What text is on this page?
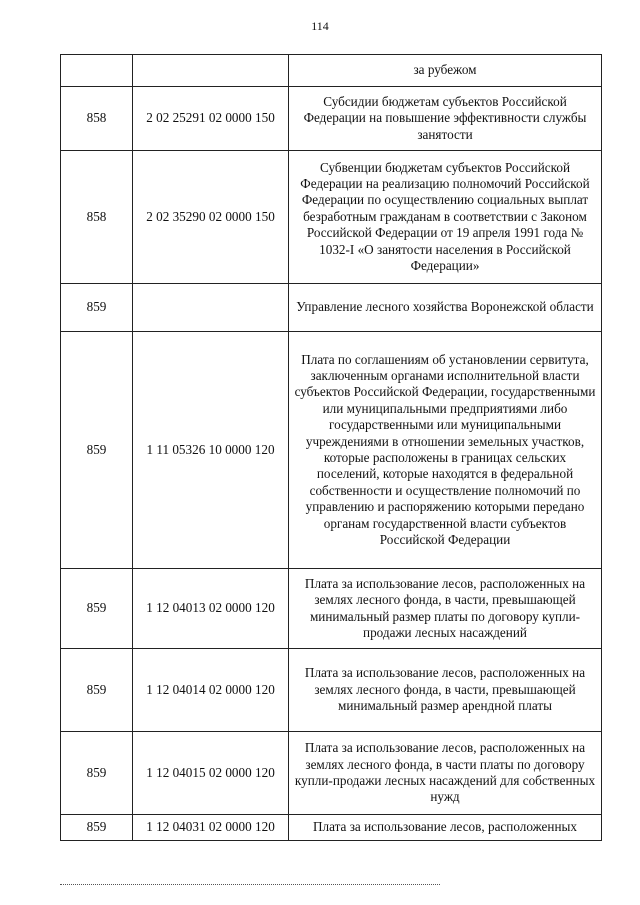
114
		за рубежом
858	2 02 25291 02 0000 150	Субсидии бюджетам субъектов Российской Федерации на повышение эффективности службы занятости
858	2 02 35290 02 0000 150	Субвенции бюджетам субъектов Российской Федерации на реализацию полномочий Российской Федерации по осуществлению социальных выплат безработным гражданам в соответствии с Законом Российской Федерации от 19 апреля 1991 года № 1032-I «О занятости населения в Российской Федерации»
859		Управление лесного хозяйства Воронежской области
859	1 11 05326 10 0000 120	Плата по соглашениям об установлении сервитута, заключенным органами исполнительной власти субъектов Российской Федерации, государственными или муниципальными предприятиями либо государственными или муниципальными учреждениями в отношении земельных участков, которые расположены в границах сельских поселений, которые находятся в федеральной собственности и осуществление полномочий по управлению и распоряжению которыми передано органам государственной власти субъектов Российской Федерации
859	1 12 04013 02 0000 120	Плата за использование лесов, расположенных на землях лесного фонда, в части, превышающей минимальный размер платы по договору купли-продажи лесных насаждений
859	1 12 04014 02 0000 120	Плата за использование лесов, расположенных на землях лесного фонда, в части, превышающей минимальный размер арендной платы
859	1 12 04015 02 0000 120	Плата за использование лесов, расположенных на землях лесного фонда, в части платы по договору купли-продажи лесных насаждений для собственных нужд
859	1 12 04031 02 0000 120	Плата за использование лесов, расположенных
